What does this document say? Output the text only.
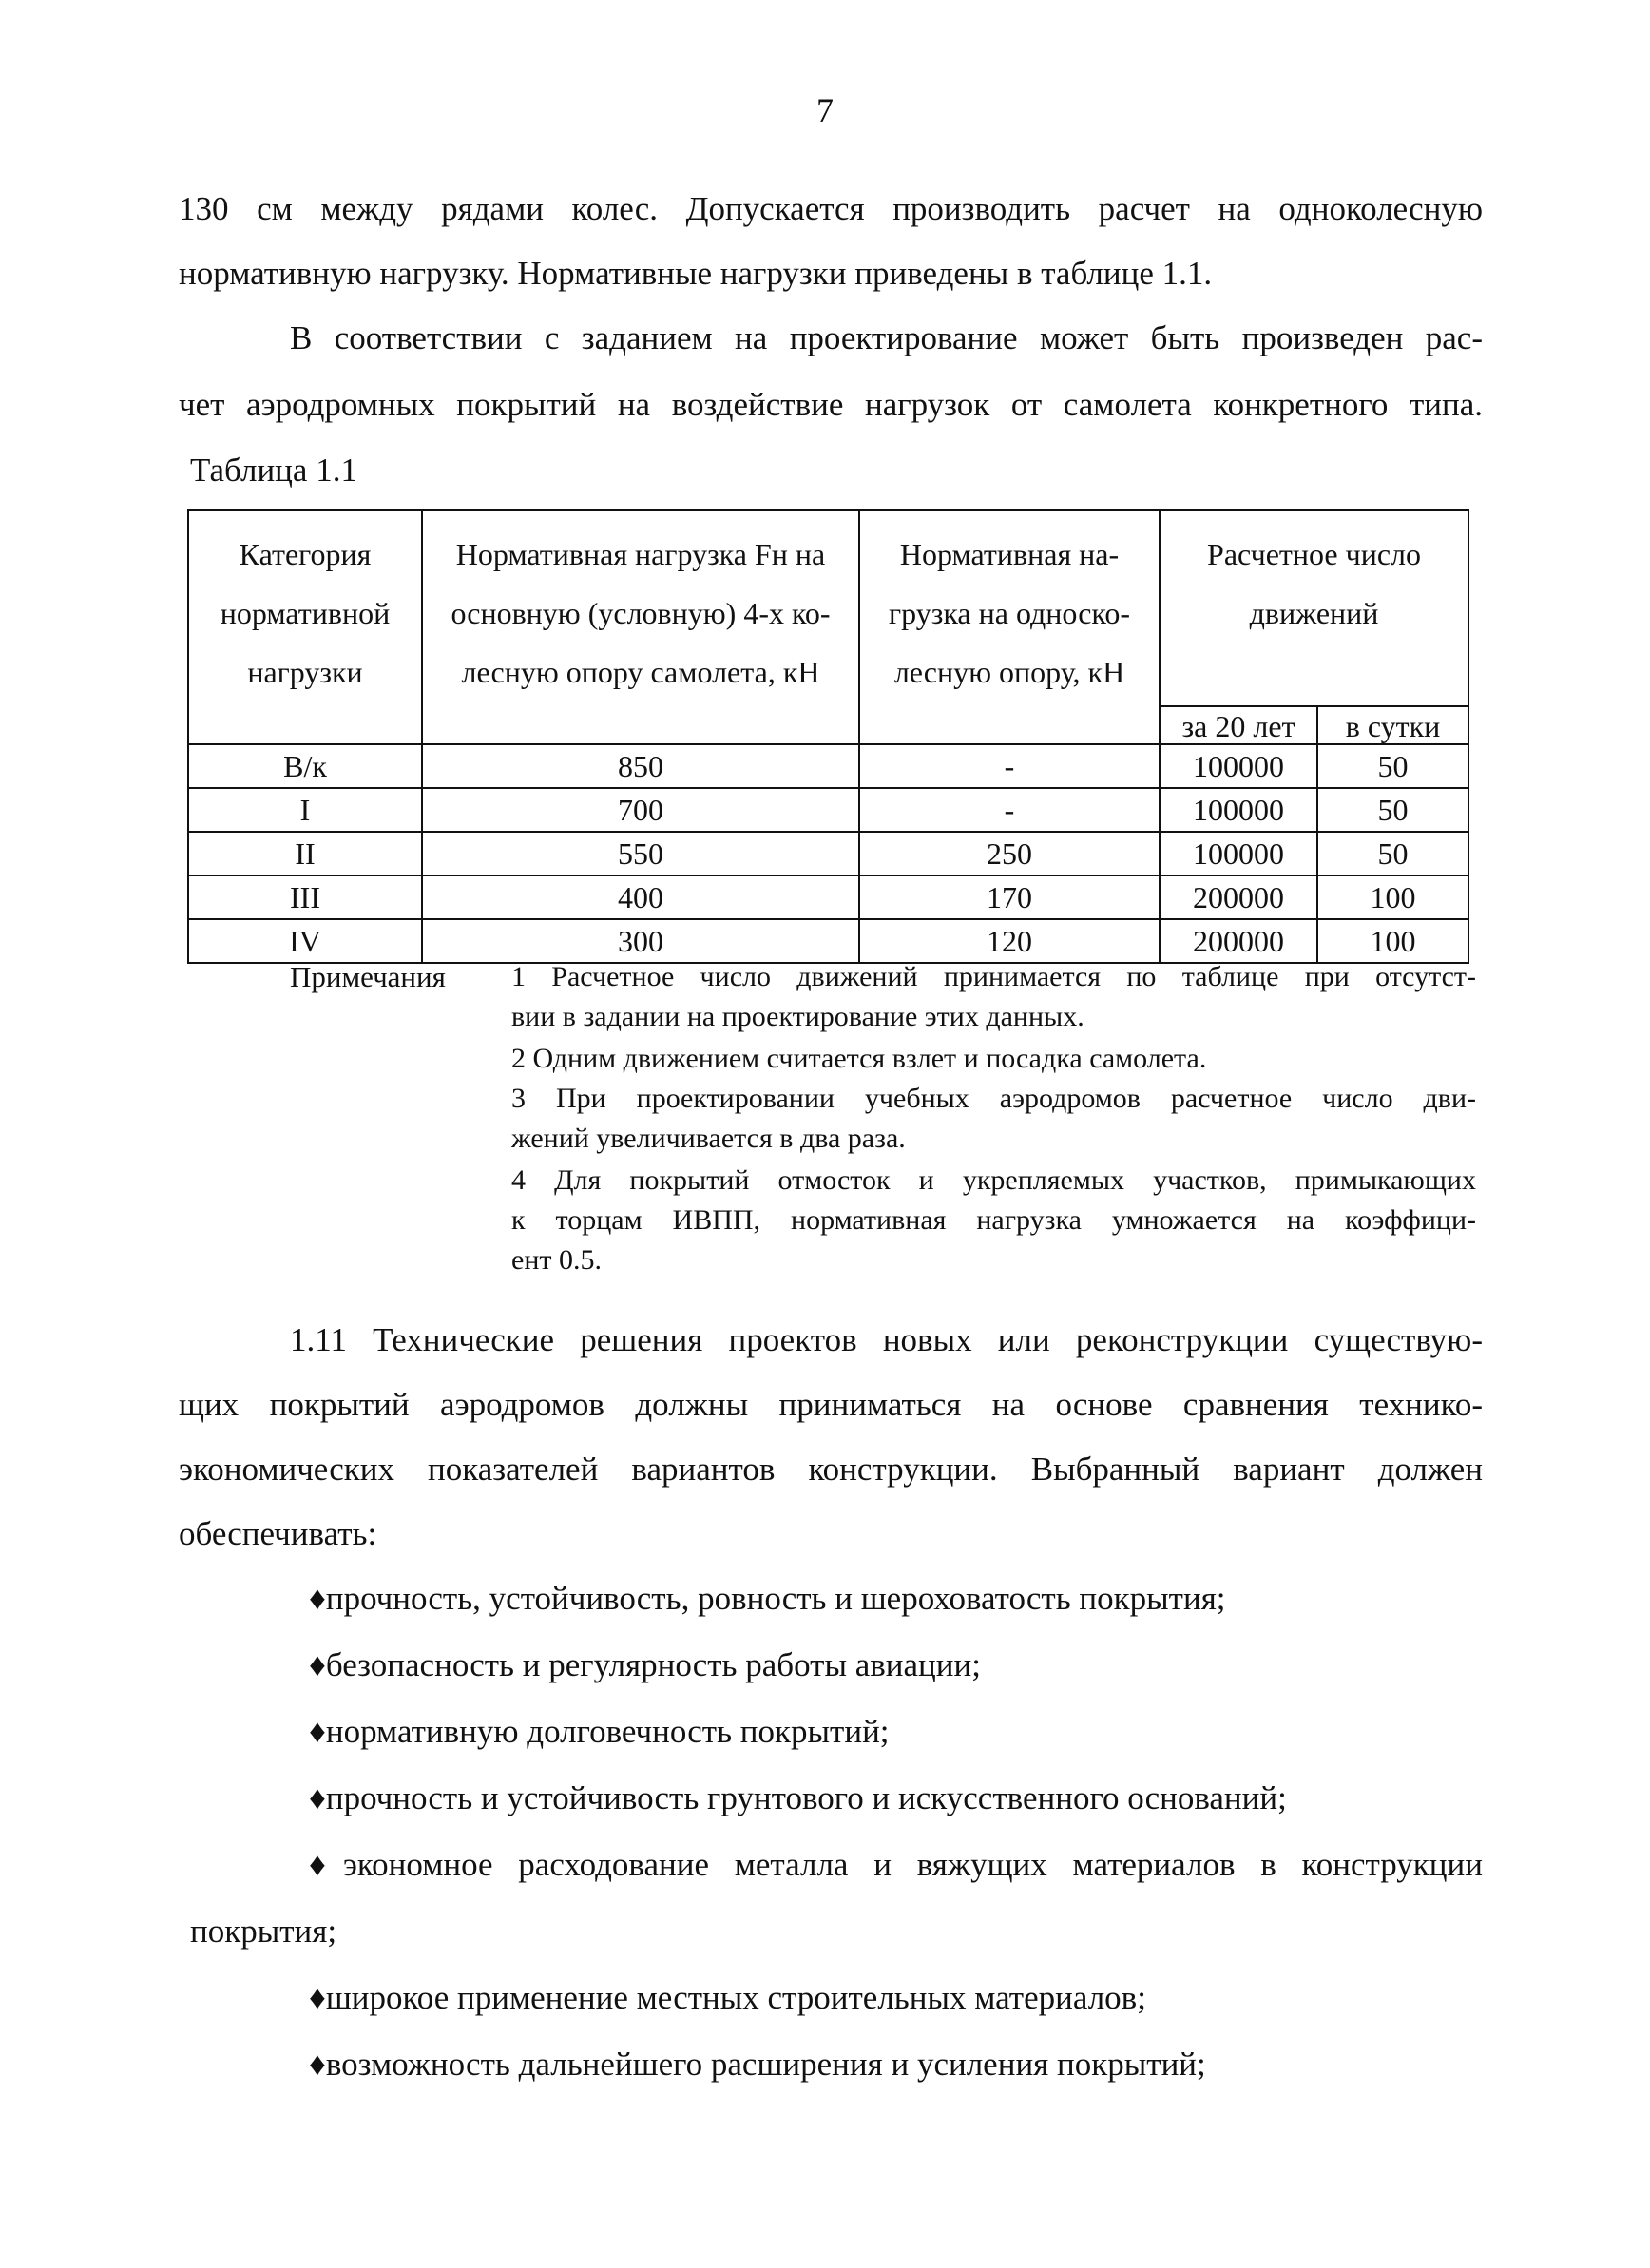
7
130 см между рядами колес. Допускается производить расчет на одноколесную
нормативную нагрузку. Нормативные нагрузки приведены в таблице 1.1.
В соответствии с заданием на проектирование может быть произведен рас-
чет аэродромных покрытий на воздействие нагрузок от самолета конкретного типа.
Таблица 1.1
Категория нормативной нагрузки	Нормативная нагрузка Fн на основную (условную) 4-х ко-лесную опору самолета, кН	Нормативная на-грузка на односко-лесную опору, кН	Расчетное число движений	
			за 20 лет	в сутки
В/к	850	-	100000	50
I	700	-	100000	50
II	550	250	100000	50
III	400	170	200000	100
IV	300	120	200000	100
Примечания 1 Расчетное число движений принимается по таблице при отсутст-
вии в задании на проектирование этих данных.
2 Одним движением считается взлет и посадка самолета.
3 При проектировании учебных аэродромов расчетное число дви-
жений увеличивается в два раза.
4 Для покрытий отмосток и укрепляемых участков, примыкающих
к торцам ИВПП, нормативная нагрузка умножается на коэффици-
ент 0.5.
1.11 Технические решения проектов новых или реконструкции существую-
щих покрытий аэродромов должны приниматься на основе сравнения технико-
экономических показателей вариантов конструкции. Выбранный вариант должен
обеспечивать:
♦прочность, устойчивость, ровность и шероховатость покрытия;
♦безопасность и регулярность работы авиации;
♦нормативную долговечность покрытий;
♦прочность и устойчивость грунтового и искусственного оснований;
♦экономное расходование металла и вяжущих материалов в конструкции
покрытия;
♦широкое применение местных строительных материалов;
♦возможность дальнейшего расширения и усиления покрытий;
